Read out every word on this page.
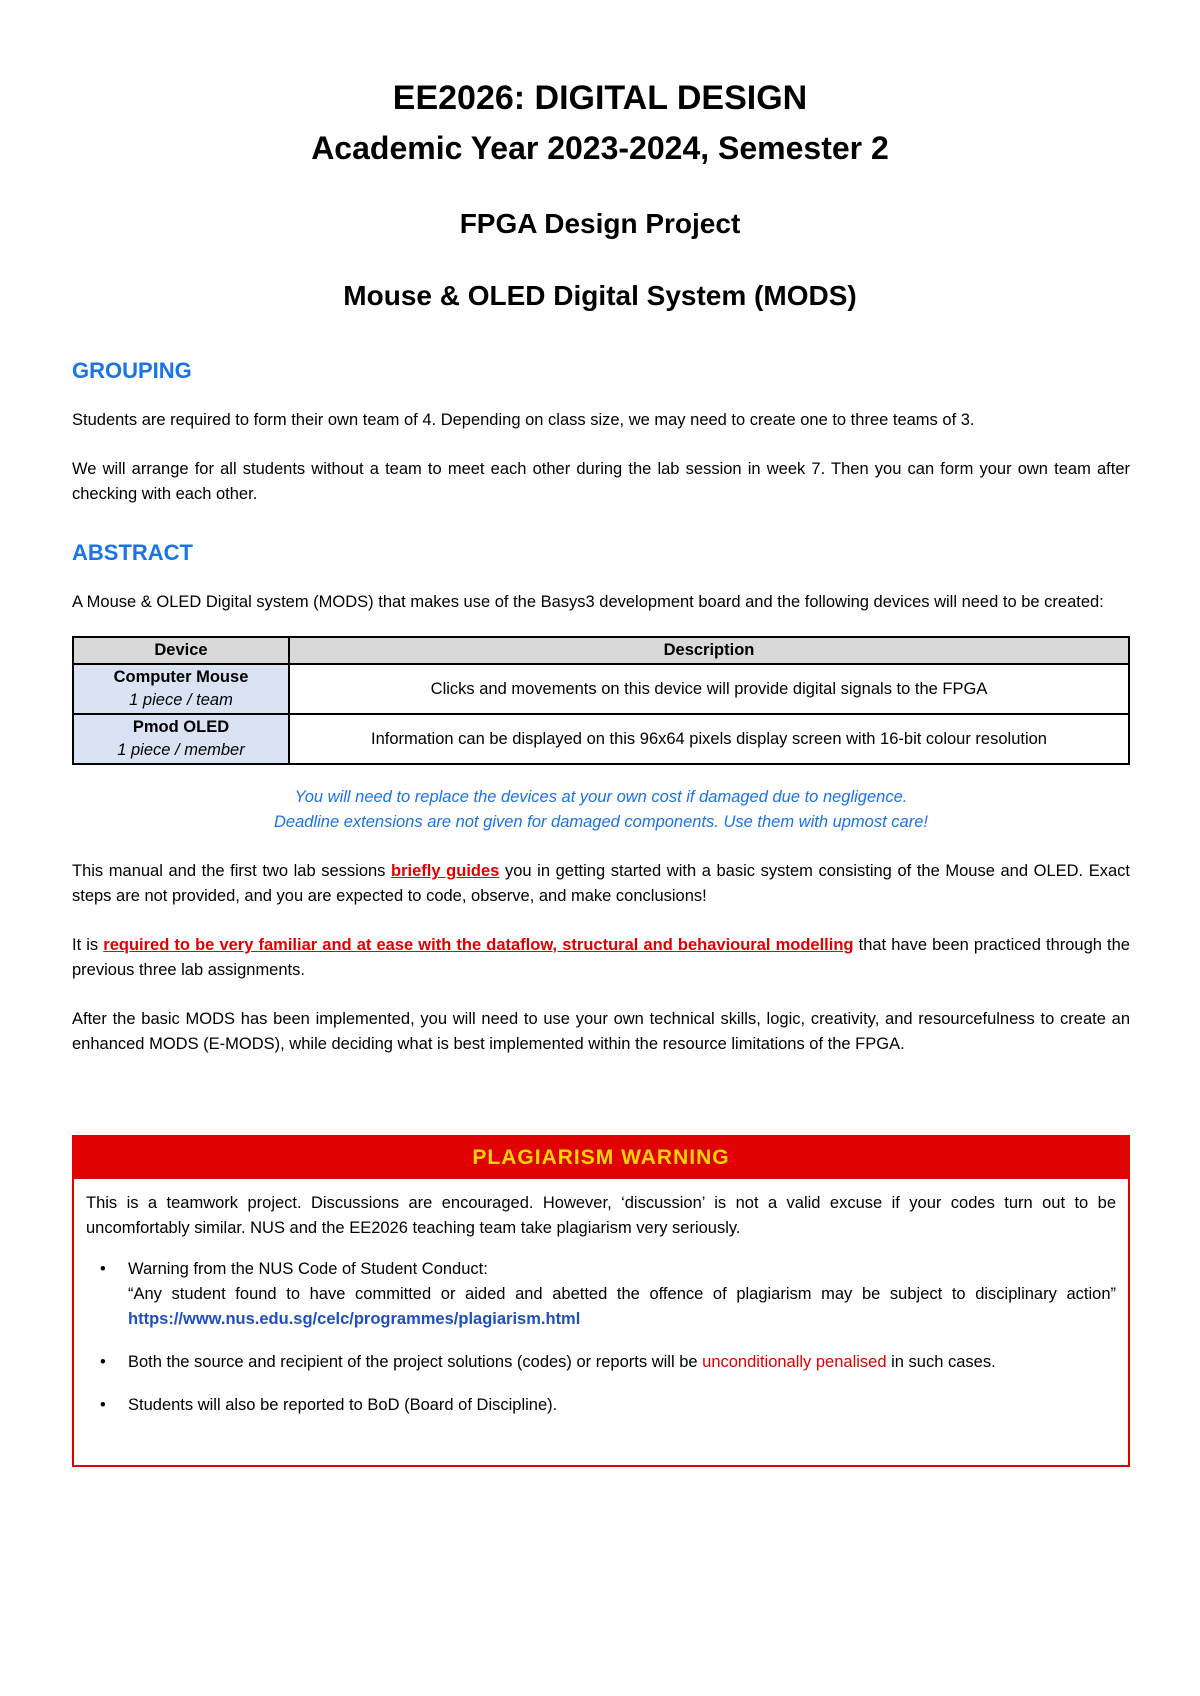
EE2026: DIGITAL DESIGN
Academic Year 2023-2024, Semester 2
FPGA Design Project
Mouse & OLED Digital System (MODS)
GROUPING

Students are required to form their own team of 4. Depending on class size, we may need to create one to three teams of 3.

We will arrange for all students without a team to meet each other during the lab session in week 7. Then you can form your own team after checking with each other.

ABSTRACT

A Mouse & OLED Digital system (MODS) that makes use of the Basys3 development board and the following devices will need to be created:

Device	Description

Computer Mouse
1 piece / team	Clicks and movements on this device will provide digital signals to the FPGA

Pmod OLED
1 piece / member	Information can be displayed on this 96x64 pixels display screen with 16-bit colour resolution

You will need to replace the devices at your own cost if damaged due to negligence.

Deadline extensions are not given for damaged components. Use them with upmost care!

This manual and the first two lab sessions briefly guides you in getting started with a basic system consisting of the Mouse and OLED. Exact steps are not provided, and you are expected to code, observe, and make conclusions!

It is required to be very familiar and at ease with the dataflow, structural and behavioural modelling that have been practiced through the previous three lab assignments.

After the basic MODS has been implemented, you will need to use your own technical skills, logic, creativity, and resourcefulness to create an enhanced MODS (E-MODS), while deciding what is best implemented within the resource limitations of the FPGA.

PLAGIARISM WARNING

This is a teamwork project. Discussions are encouraged. However, ‘discussion’ is not a valid excuse if your codes turn out to be uncomfortably similar. NUS and the EE2026 teaching team take plagiarism very seriously.

• Warning from the NUS Code of Student Conduct:
“Any student found to have committed or aided and abetted the offence of plagiarism may be subject to disciplinary action” https://www.nus.edu.sg/celc/programmes/plagiarism.html
• Both the source and recipient of the project solutions (codes) or reports will be unconditionally penalised in such cases.
• Students will also be reported to BoD (Board of Discipline).
